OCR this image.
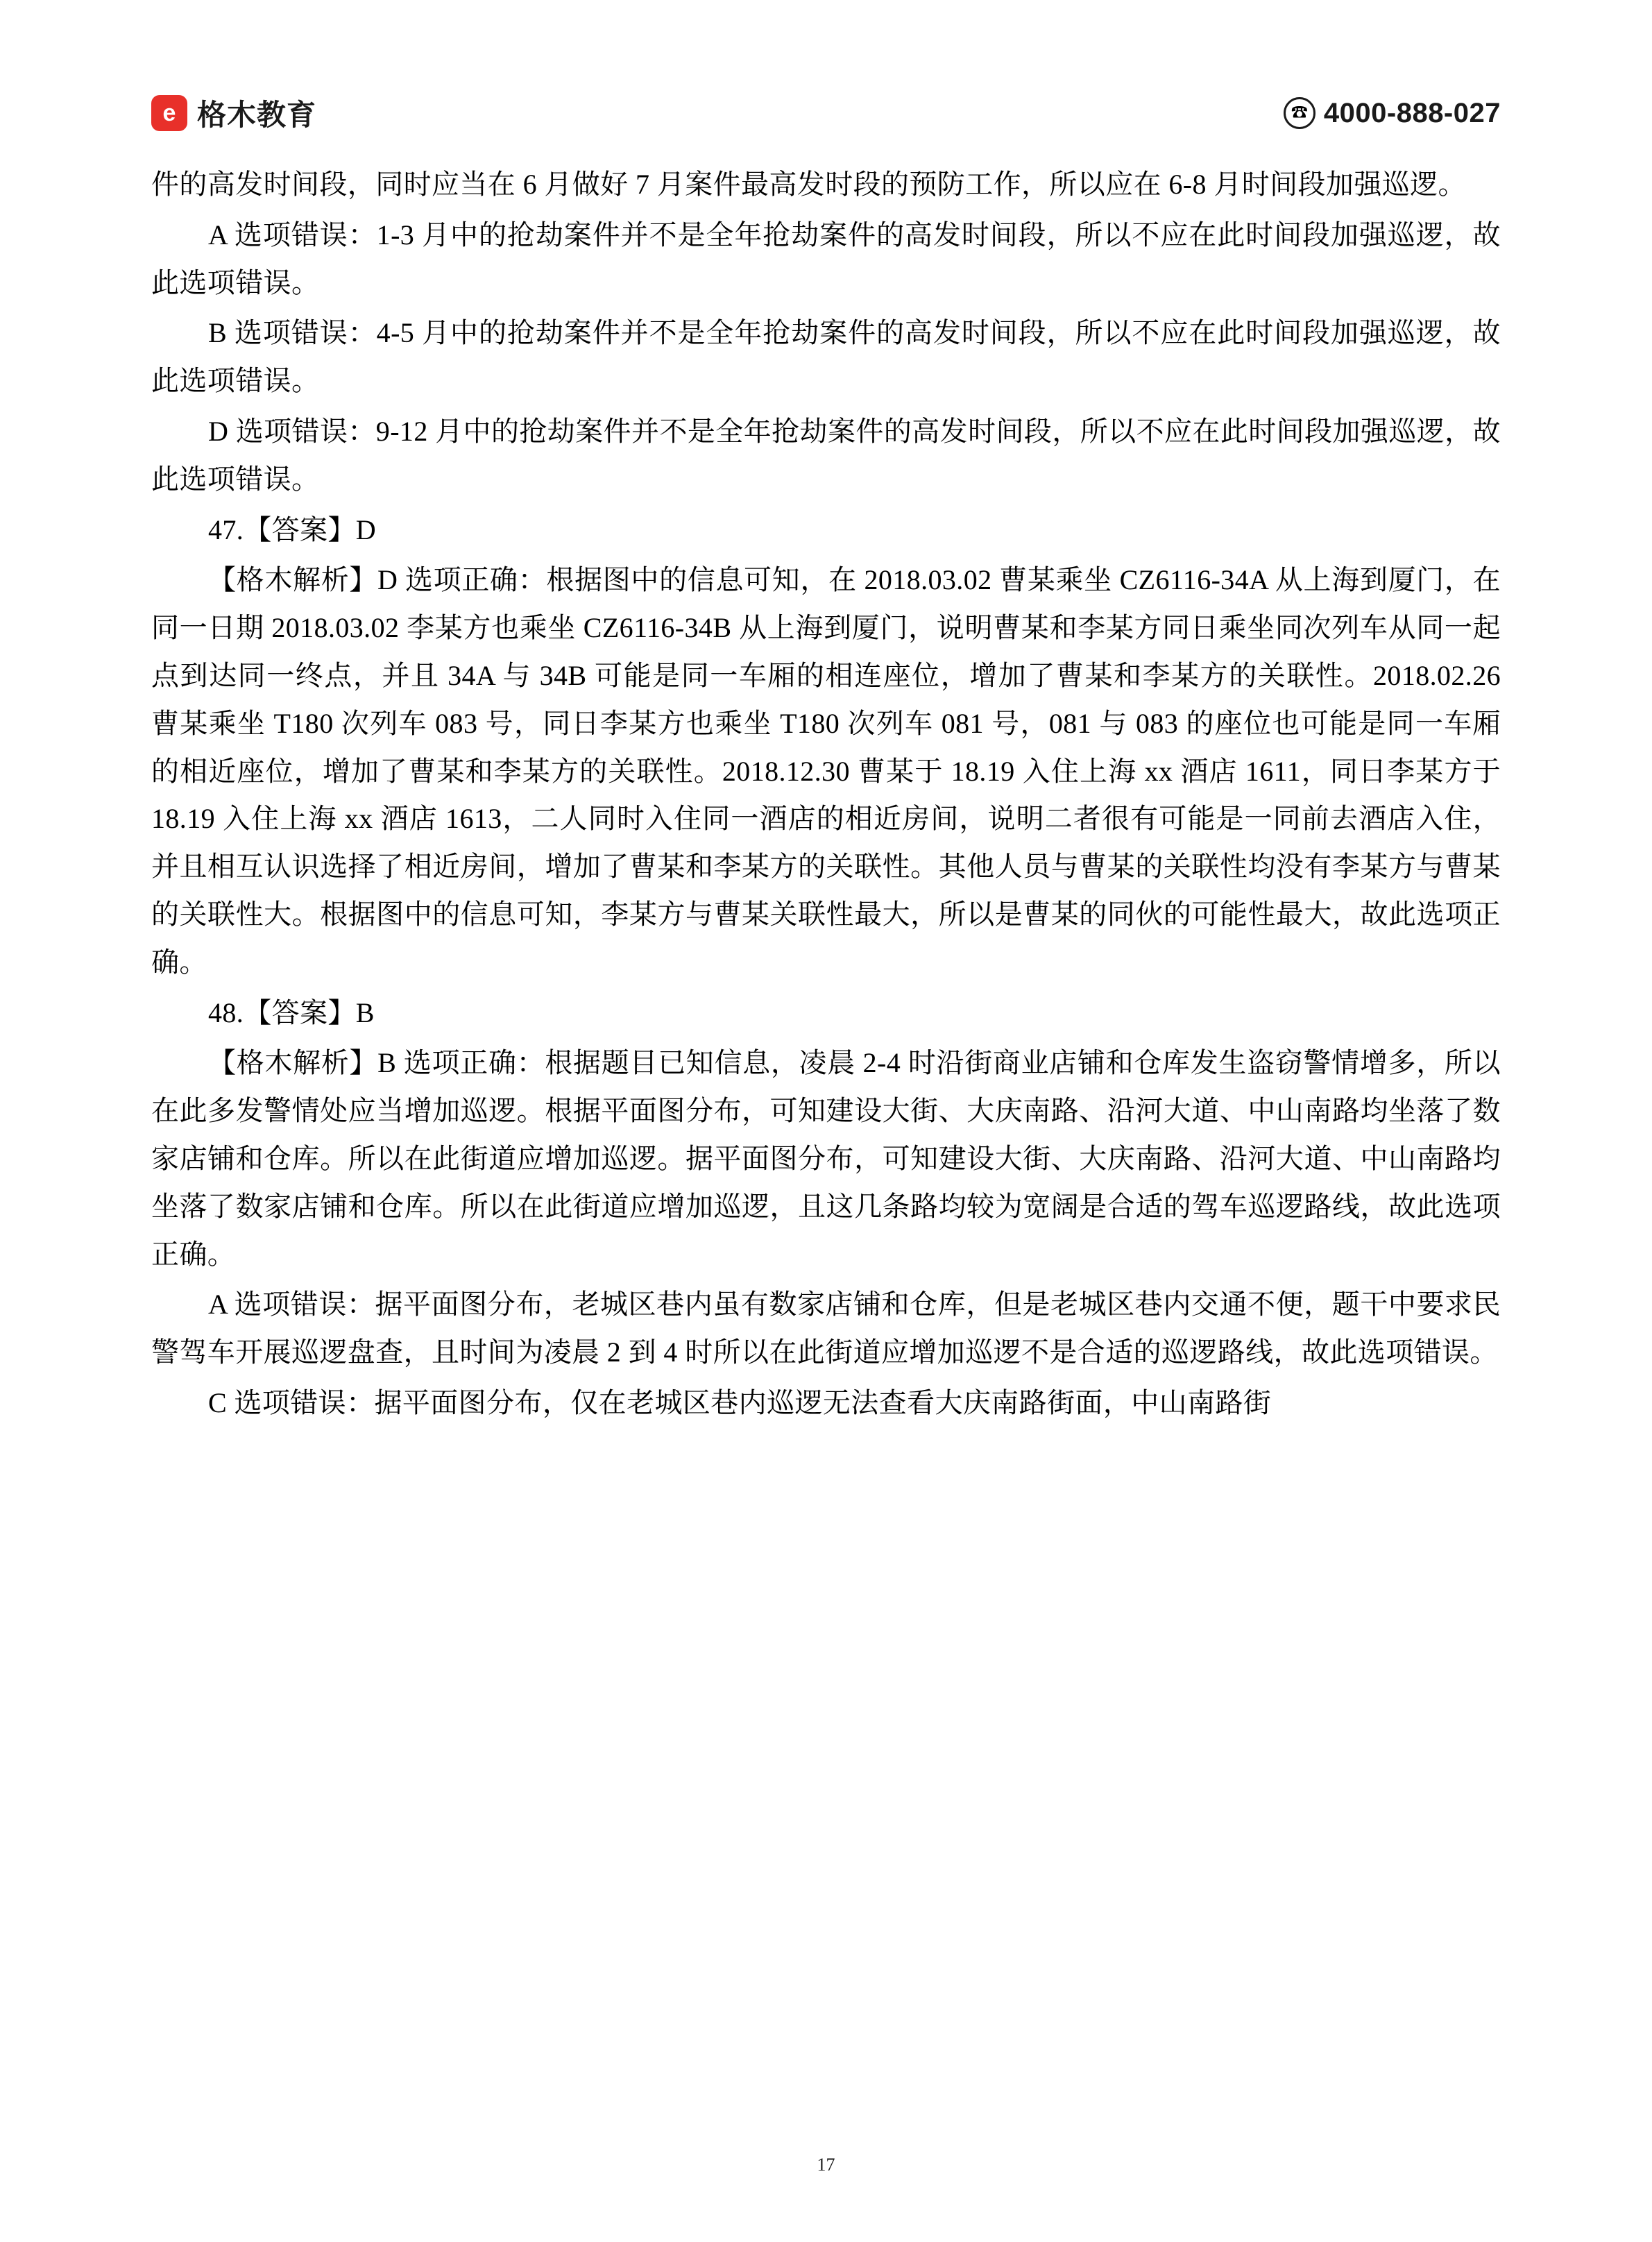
e 格木教育	☎ 4000-888-027

件的高发时间段，同时应当在 6 月做好 7 月案件最高发时段的预防工作，所以应在 6-8 月时间段加强巡逻。

A 选项错误：1-3 月中的抢劫案件并不是全年抢劫案件的高发时间段，所以不应在此时间段加强巡逻，故此选项错误。

B 选项错误：4-5 月中的抢劫案件并不是全年抢劫案件的高发时间段，所以不应在此时间段加强巡逻，故此选项错误。

D 选项错误：9-12 月中的抢劫案件并不是全年抢劫案件的高发时间段，所以不应在此时间段加强巡逻，故此选项错误。

47.【答案】D

【格木解析】D 选项正确：根据图中的信息可知，在 2018.03.02 曹某乘坐 CZ6116-34A 从上海到厦门，在同一日期 2018.03.02 李某方也乘坐 CZ6116-34B 从上海到厦门，说明曹某和李某方同日乘坐同次列车从同一起点到达同一终点，并且 34A 与 34B 可能是同一车厢的相连座位，增加了曹某和李某方的关联性。2018.02.26 曹某乘坐 T180 次列车 083 号，同日李某方也乘坐 T180 次列车 081 号，081 与 083 的座位也可能是同一车厢的相近座位，增加了曹某和李某方的关联性。2018.12.30 曹某于 18.19 入住上海 xx 酒店 1611，同日李某方于 18.19 入住上海 xx 酒店 1613，二人同时入住同一酒店的相近房间，说明二者很有可能是一同前去酒店入住，并且相互认识选择了相近房间，增加了曹某和李某方的关联性。其他人员与曹某的关联性均没有李某方与曹某的关联性大。根据图中的信息可知，李某方与曹某关联性最大，所以是曹某的同伙的可能性最大，故此选项正确。

48.【答案】B

【格木解析】B 选项正确：根据题目已知信息，凌晨 2-4 时沿街商业店铺和仓库发生盗窃警情增多，所以在此多发警情处应当增加巡逻。根据平面图分布，可知建设大街、大庆南路、沿河大道、中山南路均坐落了数家店铺和仓库。所以在此街道应增加巡逻。据平面图分布，可知建设大街、大庆南路、沿河大道、中山南路均坐落了数家店铺和仓库。所以在此街道应增加巡逻，且这几条路均较为宽阔是合适的驾车巡逻路线，故此选项正确。

A 选项错误：据平面图分布，老城区巷内虽有数家店铺和仓库，但是老城区巷内交通不便，题干中要求民警驾车开展巡逻盘查，且时间为凌晨 2 到 4 时所以在此街道应增加巡逻不是合适的巡逻路线，故此选项错误。

C 选项错误：据平面图分布，仅在老城区巷内巡逻无法查看大庆南路街面，中山南路街

17
